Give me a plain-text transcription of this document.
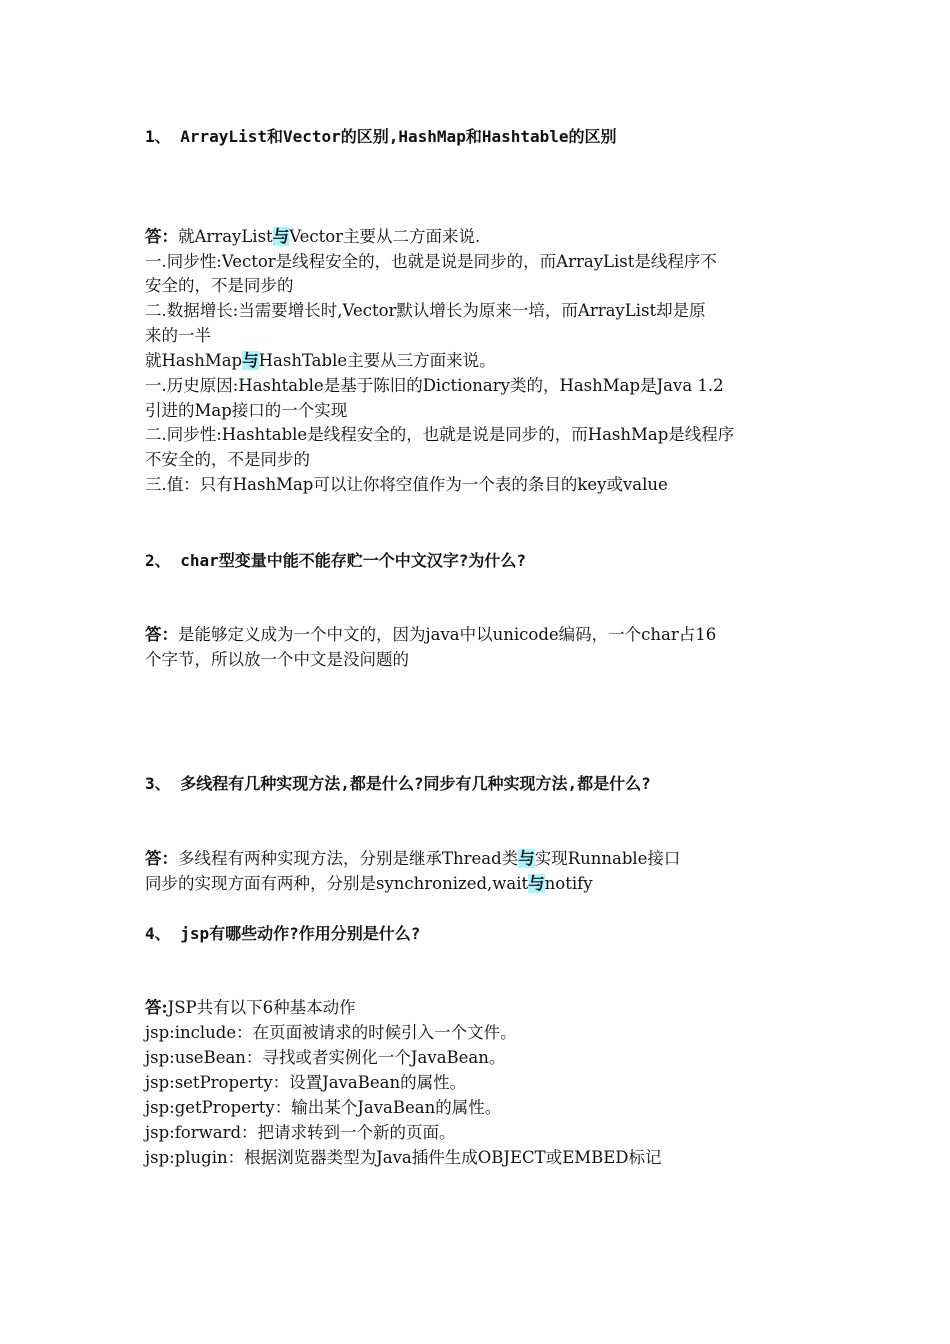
1、 ArrayList和Vector的区别,HashMap和Hashtable的区别
答：就ArrayList与Vector主要从二方面来说.
一.同步性:Vector是线程安全的，也就是说是同步的，而ArrayList是线程序不
安全的，不是同步的
二.数据增长:当需要增长时,Vector默认增长为原来一培，而ArrayList却是原
来的一半
就HashMap与HashTable主要从三方面来说。
一.历史原因:Hashtable是基于陈旧的Dictionary类的，HashMap是Java 1.2
引进的Map接口的一个实现
二.同步性:Hashtable是线程安全的，也就是说是同步的，而HashMap是线程序
不安全的，不是同步的
三.值：只有HashMap可以让你将空值作为一个表的条目的key或value
2、 char型变量中能不能存贮一个中文汉字?为什么?
答：是能够定义成为一个中文的，因为java中以unicode编码，一个char占16
个字节，所以放一个中文是没问题的
3、 多线程有几种实现方法,都是什么?同步有几种实现方法,都是什么?
答：多线程有两种实现方法，分别是继承Thread类与实现Runnable接口
同步的实现方面有两种，分别是synchronized,wait与notify
4、 jsp有哪些动作?作用分别是什么?
答:JSP共有以下6种基本动作
jsp:include：在页面被请求的时候引入一个文件。
jsp:useBean：寻找或者实例化一个JavaBean。
jsp:setProperty：设置JavaBean的属性。
jsp:getProperty：输出某个JavaBean的属性。
jsp:forward：把请求转到一个新的页面。
jsp:plugin：根据浏览器类型为Java插件生成OBJECT或EMBED标记
